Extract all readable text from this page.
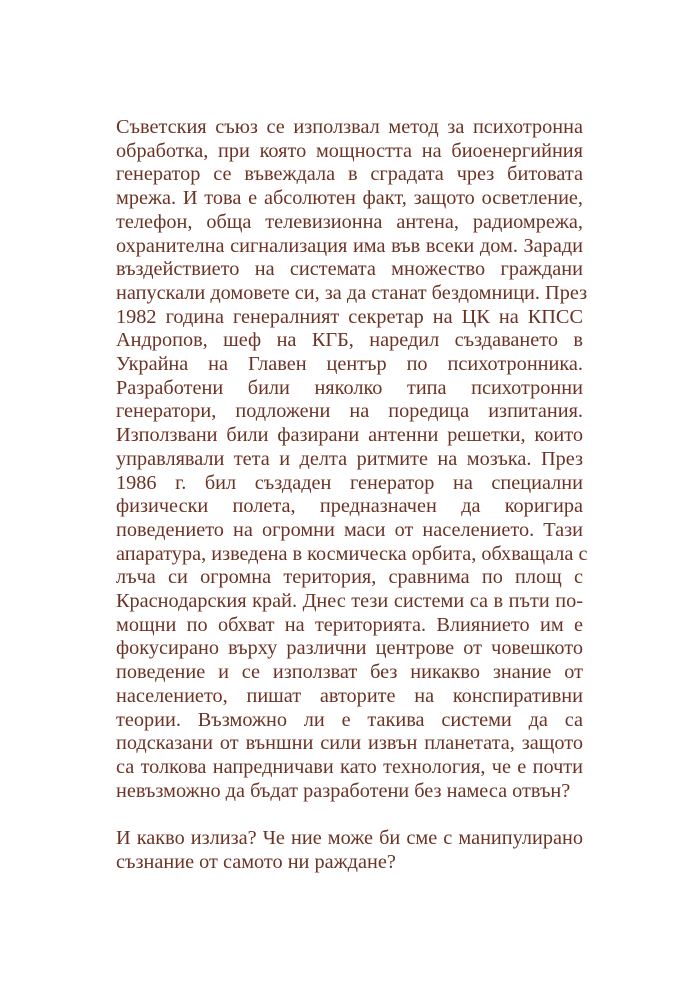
Съветския съюз се използвал метод за психотронна
обработка, при която мощността на биоенергийния
генератор се въвеждала в сградата чрез битовата
мрежа. И това е абсолютен факт, защото осветление,
телефон, обща телевизионна антена, радиомрежа,
охранителна сигнализация има във всеки дом. Заради
въздействието на системата множество граждани
напускали домовете си, за да станат бездомници. През
1982 година генералният секретар на ЦК на КПСС
Андропов, шеф на КГБ, наредил създаването в
Украйна на Главен център по психотронника.
Разработени били няколко типа психотронни
генератори, подложени на поредица изпитания.
Използвани били фазирани антенни решетки, които
управлявали тета и делта ритмите на мозъка. През
1986 г. бил създаден генератор на специални
физически полета, предназначен да коригира
поведението на огромни маси от населението. Тази
апаратура, изведена в космическа орбита, обхващала с
лъча си огромна територия, сравнима по площ с
Краснодарския край. Днес тези системи са в пъти по-
мощни по обхват на територията. Влиянието им е
фокусирано върху различни центрове от човешкото
поведение и се използват без никакво знание от
населението, пишат авторите на конспиративни
теории. Възможно ли е такива системи да са
подсказани от външни сили извън планетата, защото
са толкова напредничави като технология, че е почти
невъзможно да бъдат разработени без намеса отвън?
И какво излиза? Че ние може би сме с манипулирано
съзнание от самото ни раждане?
